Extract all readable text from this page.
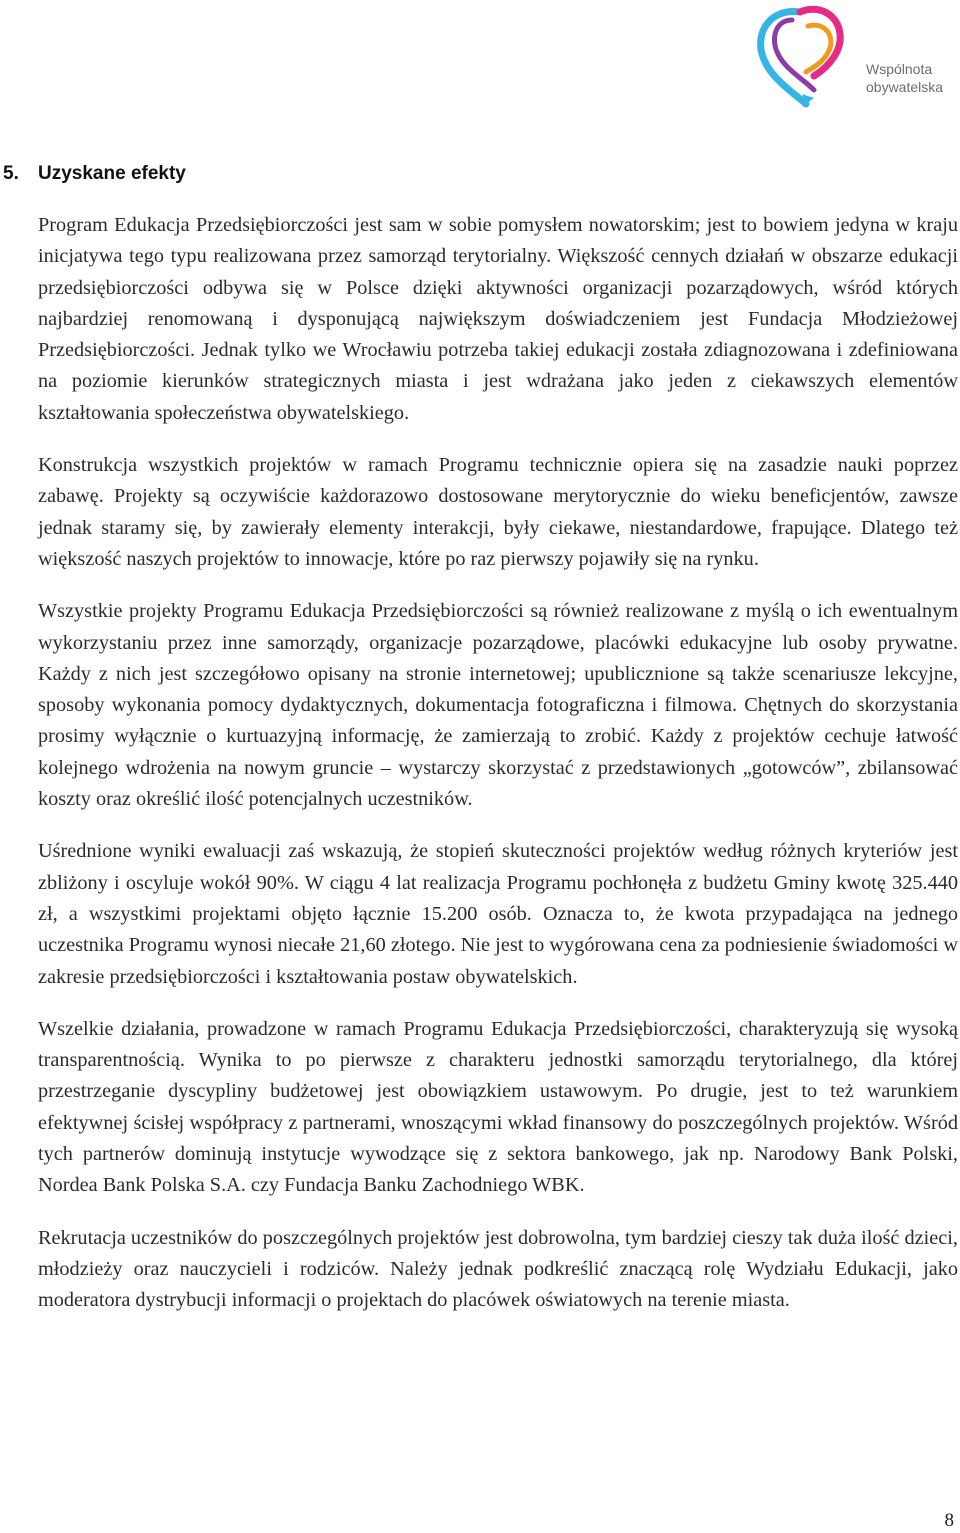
Wspólnota
obywatelska
5. Uzyskane efekty

Program Edukacja Przedsiębiorczości jest sam w sobie pomysłem nowatorskim; jest to bowiem jedyna w kraju inicjatywa tego typu realizowana przez samorząd terytorialny. Większość cennych działań w obszarze edukacji przedsiębiorczości odbywa się w Polsce dzięki aktywności organizacji pozarządowych, wśród których najbardziej renomowaną i dysponującą największym doświadczeniem jest Fundacja Młodzieżowej Przedsiębiorczości. Jednak tylko we Wrocławiu potrzeba takiej edukacji została zdiagnozowana i zdefiniowana na poziomie kierunków strategicznych miasta i jest wdrażana jako jeden z ciekawszych elementów kształtowania społeczeństwa obywatelskiego.

Konstrukcja wszystkich projektów w ramach Programu technicznie opiera się na zasadzie nauki poprzez zabawę. Projekty są oczywiście każdorazowo dostosowane merytorycznie do wieku beneficjentów, zawsze jednak staramy się, by zawierały elementy interakcji, były ciekawe, niestandardowe, frapujące. Dlatego też większość naszych projektów to innowacje, które po raz pierwszy pojawiły się na rynku.

Wszystkie projekty Programu Edukacja Przedsiębiorczości są również realizowane z myślą o ich ewentualnym wykorzystaniu przez inne samorządy, organizacje pozarządowe, placówki edukacyjne lub osoby prywatne. Każdy z nich jest szczegółowo opisany na stronie internetowej; upublicznione są także scenariusze lekcyjne, sposoby wykonania pomocy dydaktycznych, dokumentacja fotograficzna i filmowa. Chętnych do skorzystania prosimy wyłącznie o kurtuazyjną informację, że zamierzają to zrobić. Każdy z projektów cechuje łatwość kolejnego wdrożenia na nowym gruncie – wystarczy skorzystać z przedstawionych „gotowców”, zbilansować koszty oraz określić ilość potencjalnych uczestników.

Uśrednione wyniki ewaluacji zaś wskazują, że stopień skuteczności projektów według różnych kryteriów jest zbliżony i oscyluje wokół 90%. W ciągu 4 lat realizacja Programu pochłonęła z budżetu Gminy kwotę 325.440 zł, a wszystkimi projektami objęto łącznie 15.200 osób. Oznacza to, że kwota przypadająca na jednego uczestnika Programu wynosi niecałe 21,60 złotego. Nie jest to wygórowana cena za podniesienie świadomości w zakresie przedsiębiorczości i kształtowania postaw obywatelskich.

Wszelkie działania, prowadzone w ramach Programu Edukacja Przedsiębiorczości, charakteryzują się wysoką transparentnością. Wynika to po pierwsze z charakteru jednostki samorządu terytorialnego, dla której przestrzeganie dyscypliny budżetowej jest obowiązkiem ustawowym. Po drugie, jest to też warunkiem efektywnej ścisłej współpracy z partnerami, wnoszącymi wkład finansowy do poszczególnych projektów. Wśród tych partnerów dominują instytucje wywodzące się z sektora bankowego, jak np. Narodowy Bank Polski, Nordea Bank Polska S.A. czy Fundacja Banku Zachodniego WBK.

Rekrutacja uczestników do poszczególnych projektów jest dobrowolna, tym bardziej cieszy tak duża ilość dzieci, młodzieży oraz nauczycieli i rodziców. Należy jednak podkreślić znaczącą rolę Wydziału Edukacji, jako moderatora dystrybucji informacji o projektach do placówek oświatowych na terenie miasta.

8
